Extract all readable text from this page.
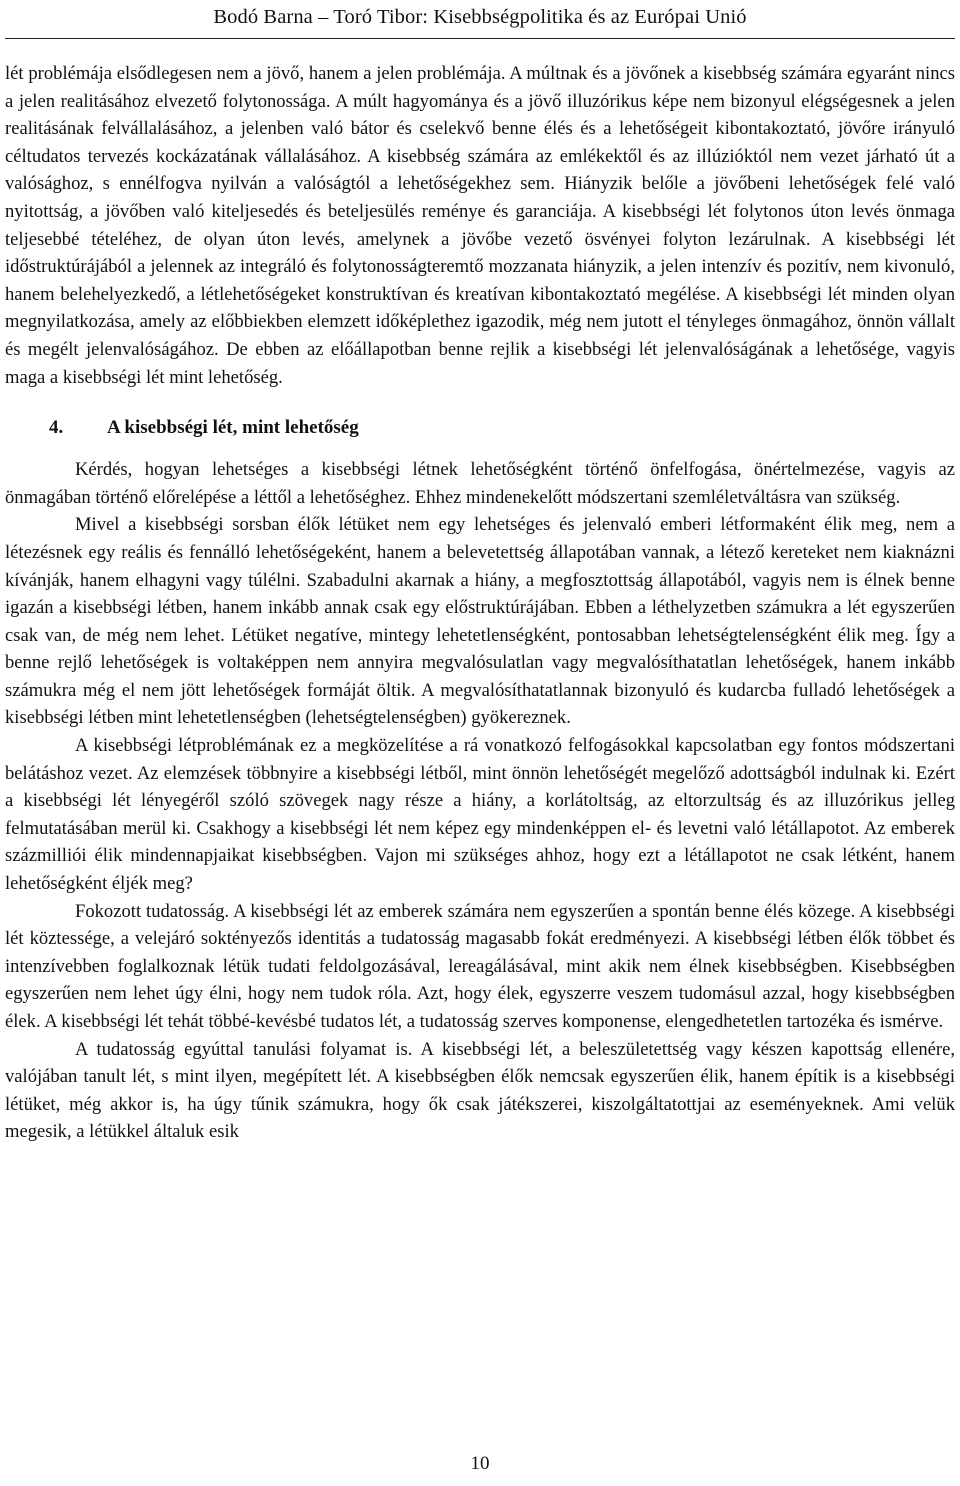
Bodó Barna – Toró Tibor: Kisebbségpolitika és az Európai Unió

lét problémája elsődlegesen nem a jövő, hanem a jelen problémája. A múltnak és a jövőnek a kisebbség számára egyaránt nincs a jelen realitásához elvezető folytonossága. A múlt hagyománya és a jövő illuzórikus képe nem bizonyul elégségesnek a jelen realitásának felvállalásához, a jelenben való bátor és cselekvő benne élés és a lehetőségeit kibontakoztató, jövőre irányuló céltudatos tervezés kockázatának vállalásához. A kisebbség számára az emlékektől és az illúzióktól nem vezet járható út a valósághoz, s ennélfogva nyilván a valóságtól a lehetőségekhez sem. Hiányzik belőle a jövőbeni lehetőségek felé való nyitottság, a jövőben való kiteljesedés és beteljesülés reménye és garanciája. A kisebbségi lét folytonos úton levés önmaga teljesebbé tételéhez, de olyan úton levés, amelynek a jövőbe vezető ösvényei folyton lezárulnak. A kisebbségi lét időstruktúrájából a jelennek az integráló és folytonosságteremtő mozzanata hiányzik, a jelen intenzív és pozitív, nem kivonuló, hanem belehelyezkedő, a létlehetőségeket konstruktívan és kreatívan kibontakoztató megélése. A kisebbségi lét minden olyan megnyilatkozása, amely az előbbiekben elemzett időképlethez igazodik, még nem jutott el tényleges önmagához, önnön vállalt és megélt jelenvalóságához. De ebben az előállapotban benne rejlik a kisebbségi lét jelenvalóságának a lehetősége, vagyis maga a kisebbségi lét mint lehetőség.

4.	A kisebbségi lét, mint lehetőség

Kérdés, hogyan lehetséges a kisebbségi létnek lehetőségként történő önfelfogása, önértelmezése, vagyis az önmagában történő előrelépése a léttől a lehetőséghez. Ehhez mindenekelőtt módszertani szemléletváltásra van szükség.

Mivel a kisebbségi sorsban élők létüket nem egy lehetséges és jelenvaló emberi létformaként élik meg, nem a létezésnek egy reális és fennálló lehetőségeként, hanem a belevetettség állapotában vannak, a létező kereteket nem kiaknázni kívánják, hanem elhagyni vagy túlélni. Szabadulni akarnak a hiány, a megfosztottság állapotából, vagyis nem is élnek benne igazán a kisebbségi létben, hanem inkább annak csak egy előstruktúrájában. Ebben a léthelyzetben számukra a lét egyszerűen csak van, de még nem lehet. Létüket negatíve, mintegy lehetetlenségként, pontosabban lehetségtelenségként élik meg. Így a benne rejlő lehetőségek is voltaképpen nem annyira megvalósulatlan vagy megvalósíthatatlan lehetőségek, hanem inkább számukra még el nem jött lehetőségek formáját öltik. A megvalósíthatatlannak bizonyuló és kudarcba fulladó lehetőségek a kisebbségi létben mint lehetetlenségben (lehetségtelenségben) gyökereznek.

A kisebbségi létproblémának ez a megközelítése a rá vonatkozó felfogásokkal kapcsolatban egy fontos módszertani belátáshoz vezet. Az elemzések többnyire a kisebbségi létből, mint önnön lehetőségét megelőző adottságból indulnak ki. Ezért a kisebbségi lét lényegéről szóló szövegek nagy része a hiány, a korlátoltság, az eltorzultság és az illuzórikus jelleg felmutatásában merül ki. Csakhogy a kisebbségi lét nem képez egy mindenképpen el- és levetni való létállapotot. Az emberek százmilliói élik mindennapjaikat kisebbségben. Vajon mi szükséges ahhoz, hogy ezt a létállapotot ne csak létként, hanem lehetőségként éljék meg?

Fokozott tudatosság. A kisebbségi lét az emberek számára nem egyszerűen a spontán benne élés közege. A kisebbségi lét köztessége, a velejáró soktényezős identitás a tudatosság magasabb fokát eredményezi. A kisebbségi létben élők többet és intenzívebben foglalkoznak létük tudati feldolgozásával, lereagálásával, mint akik nem élnek kisebbségben. Kisebbségben egyszerűen nem lehet úgy élni, hogy nem tudok róla. Azt, hogy élek, egyszerre veszem tudomásul azzal, hogy kisebbségben élek. A kisebbségi lét tehát többé-kevésbé tudatos lét, a tudatosság szerves komponense, elengedhetetlen tartozéka és ismérve.

A tudatosság egyúttal tanulási folyamat is. A kisebbségi lét, a beleszületettség vagy készen kapottság ellenére, valójában tanult lét, s mint ilyen, megépített lét. A kisebbségben élők nemcsak egyszerűen élik, hanem építik is a kisebbségi létüket, még akkor is, ha úgy tűnik számukra, hogy ők csak játékszerei, kiszolgáltatottjai az eseményeknek. Ami velük megesik, a létükkel általuk esik

10
